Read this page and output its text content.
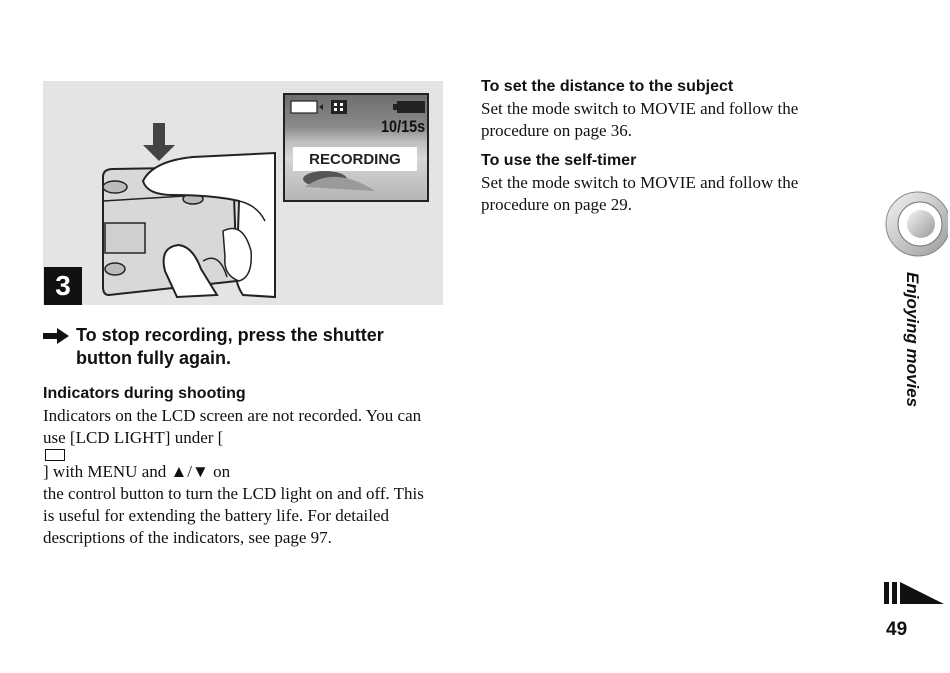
3
10/15s
RECORDING
To stop recording, press the shutter
button fully again.
Indicators during shooting
Indicators on the LCD screen are not recorded. You can
use [LCD LIGHT] under [
] with MENU and ▲/▼ on
the control button to turn the LCD light on and off. This
is useful for extending the battery life. For detailed
descriptions of the indicators, see page 97.
To set the distance to the subject
Set the mode switch to MOVIE and follow the
procedure on page 36.
To use the self-timer
Set the mode switch to MOVIE and follow the
procedure on page 29.
Enjoying movies
49
